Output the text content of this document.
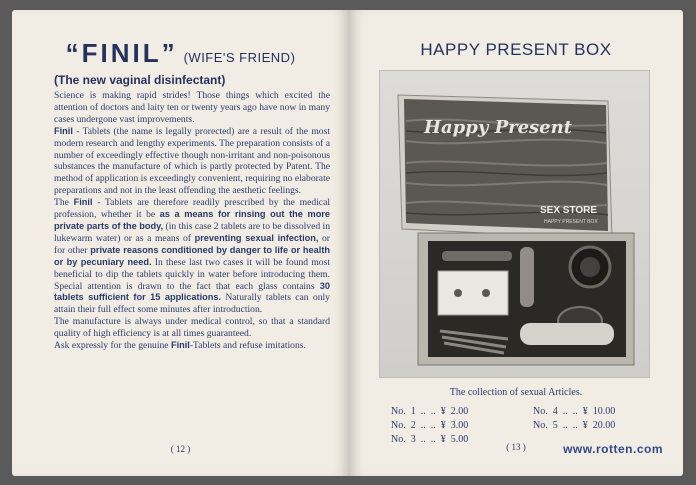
“FINIL” (WIFE'S FRIEND)
(The new vaginal disinfectant)

Science is making rapid strides! Those things which excited the attention of doctors and laity ten or twenty years ago have now in many cases undergone vast improvements.

Finil - Tablets (the name is legally prorected) are a result of the most modern research and lengthy experiments. The preparation consists of a number of exceedingly effective though non-irritant and non-poisonous substances the manufacture of which is partly protected by Patent. The method of application is exceedingly convenient, requiring no elaborate preparations and not in the least offending the aesthetic feelings.

The Finil - Tablets are therefore readily prescribed by the medical profession, whether it be as a means for rinsing out the more private parts of the body, (in this case 2 tablets are to be dissolved in lukewarm water) or as a means of preventing sexual infection, or for other private reasons conditioned by danger to life or health or by pecuniary need. In these last two cases it will be found most beneficial to dip the tablets quickly in water before introducing them. Special attention is drawn to the fact that each glass contains 30 tablets sufficient for 15 applications. Naturally tablets can only attain their full effect some minutes after introduction.

The manufacture is always under medical control, so that a standard quality of high efficiency is at all times guaranteed.

Ask expressly for the genuine Finil-Tablets and refuse imitations.

( 12 )
HAPPY PRESENT BOX
Happy Present
SEX STORE
HAPPY PRESENT BOX
The collection of sexual Articles.
No.  1 ..  .. ¥  2.00
No.  2 ..  .. ¥  3.00
No.  3 ..  .. ¥  5.00
No.  4 ..  .. ¥  10.00
No.  5 ..  .. ¥  20.00
( 13 )	www.rotten.com
